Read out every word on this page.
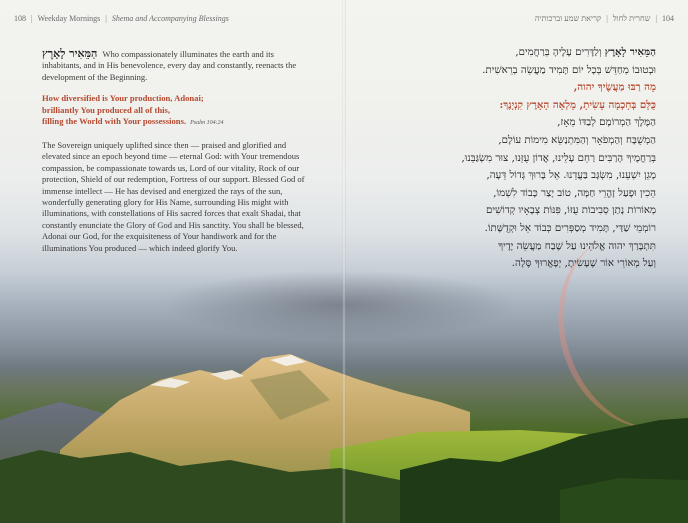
108 | Weekday Mornings | Shema and Accompanying Blessings	104|שחרית לחול|קריאת שמע וברכותיה

הַמֵּאִיר לָאָרֶץ Who compassionately illuminates the earth and its inhabitants, and in His benevolence, every day and constantly, reenacts the development of the Beginning.

How diversified is Your production, Adonai;
brilliantly You produced all of this,
filling the World with Your possessions. Psalm 104:24

The Sovereign uniquely uplifted since then — praised and glorified and elevated since an epoch beyond time — eternal God: with Your tremendous compassion, be compassionate towards us, Lord of our vitality, Rock of our protection, Shield of our redemption, Fortress of our support. Blessed God of immense intellect — He has devised and energized the rays of the sun, wonderfully generating glory for His Name, surrounding His might with illuminations, with constellations of His sacred forces that exalt Shadai, that constantly enunciate the Glory of God and His sanctity. You shall be blessed, Adonai our God, for the exquisiteness of Your handiwork and for the illuminations You produced — which indeed glorify You.

הַמֵּאִיר לָאָרֶץ וְלַדָּרִים עָלֶיהָ בְּרַחֲמִים,
וּבְטוּבוֹ מְחַדֵּשׁ בְּכָל יוֹם תָּמִיד מַעֲשֵׂה בְרֵאשִׁית.
מָה רַבּוּ מַעֲשֶׂיךָ יהוה,
כֻּלָּם בְּחָכְמָה עָשִׂיתָ, מָלְאָה הָאָרֶץ קִנְיָנֶךָ:
הַמֶּלֶךְ הַמְרוֹמָם לְבַדּוֹ מֵאָז,
הַמְשֻׁבָּח וְהַמְפֹאָר וְהַמִּתְנַשֵּׂא מִימוֹת עוֹלָם,
בְּרַחֲמֶיךָ הָרַבִּים רַחֵם עָלֵינוּ, אֲדוֹן עֻזֵּנוּ, צוּר מִשְׂגַּבֵּנוּ,
מָגֵן יִשְׁעֵנוּ, מִשְׂגָּב בַּעֲדֵנוּ. אֵל בָּרוּךְ גְּדוֹל דֵּעָה,
הֵכִין וּפָעַל זָהֳרֵי חַמָּה, טוֹב יָצַר כָּבוֹד לִשְׁמוֹ,
מְאוֹרוֹת נָתַן סְבִיבוֹת עֻזּוֹ, פִּנּוֹת צְבָאָיו קְדוֹשִׁים
רוֹמְמֵי שַׁדַּי, תָּמִיד מְסַפְּרִים כְּבוֹד אֵל וּקְדֻשָּׁתוֹ.
תִּתְבָּרַךְ יהוה אֱלֹהֵינוּ עַל שֶׁבַח מַעֲשֵׂה יָדֶיךָ
וְעַל מְאוֹרֵי אוֹר שֶׁעָשִׂיתָ, יְפָאֲרוּךָ סֶּלָה.
